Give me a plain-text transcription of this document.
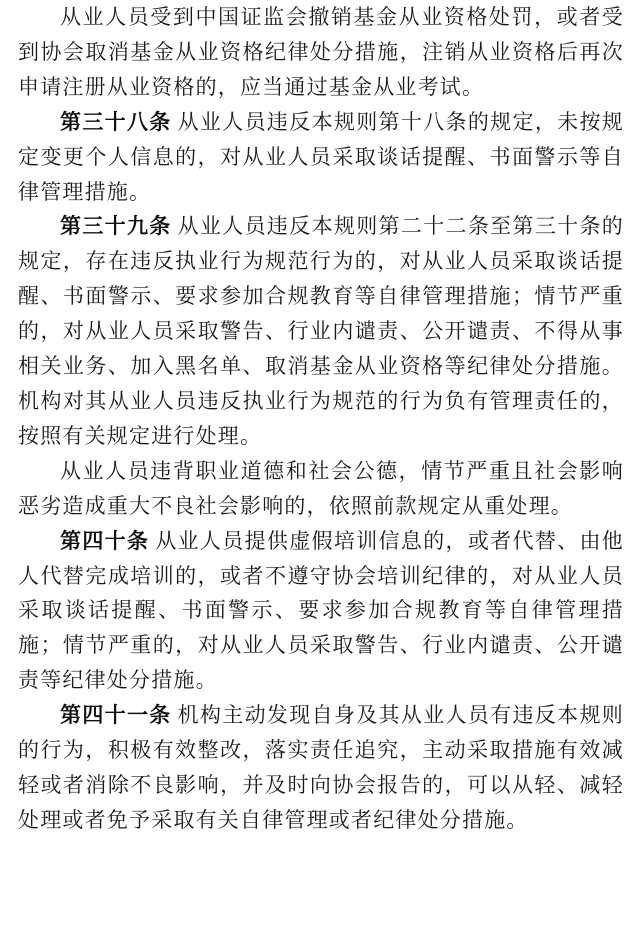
从业人员受到中国证监会撤销基金从业资格处罚，或者受到协会取消基金从业资格纪律处分措施，注销从业资格后再次申请注册从业资格的，应当通过基金从业考试。

第三十八条 从业人员违反本规则第十八条的规定，未按规定变更个人信息的，对从业人员采取谈话提醒、书面警示等自律管理措施。

第三十九条 从业人员违反本规则第二十二条至第三十条的规定，存在违反执业行为规范行为的，对从业人员采取谈话提醒、书面警示、要求参加合规教育等自律管理措施；情节严重的，对从业人员采取警告、行业内谴责、公开谴责、不得从事相关业务、加入黑名单、取消基金从业资格等纪律处分措施。机构对其从业人员违反执业行为规范的行为负有管理责任的，按照有关规定进行处理。

从业人员违背职业道德和社会公德，情节严重且社会影响恶劣造成重大不良社会影响的，依照前款规定从重处理。

第四十条 从业人员提供虚假培训信息的，或者代替、由他人代替完成培训的，或者不遵守协会培训纪律的，对从业人员采取谈话提醒、书面警示、要求参加合规教育等自律管理措施；情节严重的，对从业人员采取警告、行业内谴责、公开谴责等纪律处分措施。

第四十一条 机构主动发现自身及其从业人员有违反本规则的行为，积极有效整改，落实责任追究，主动采取措施有效减轻或者消除不良影响，并及时向协会报告的，可以从轻、减轻处理或者免予采取有关自律管理或者纪律处分措施。
